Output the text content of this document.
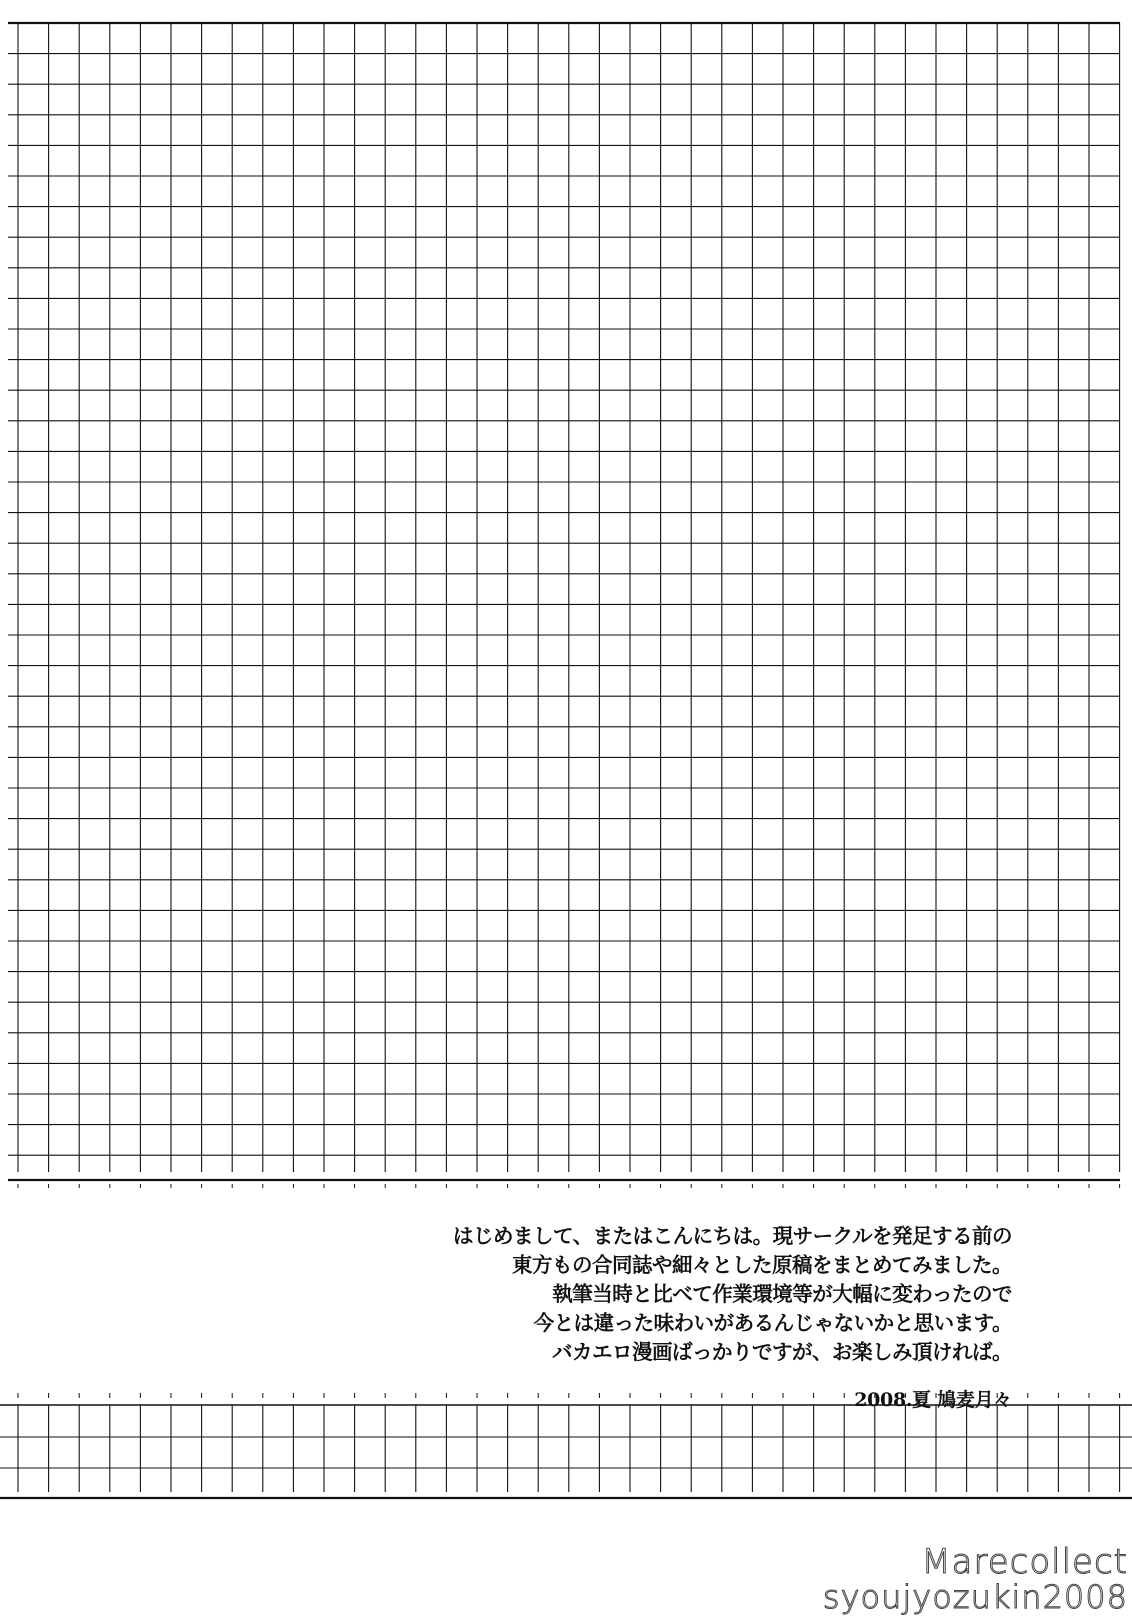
はじめまして、またはこんにちは。現サークルを発足する前の
東方もの合同誌や細々とした原稿をまとめてみました。
執筆当時と比べて作業環境等が大幅に変わったので
今とは違った味わいがあるんじゃないかと思います。
バカエロ漫画ばっかりですが、お楽しみ頂ければ。
2008.夏 鳩麦月々
Marecollect
syoujyozukin2008
